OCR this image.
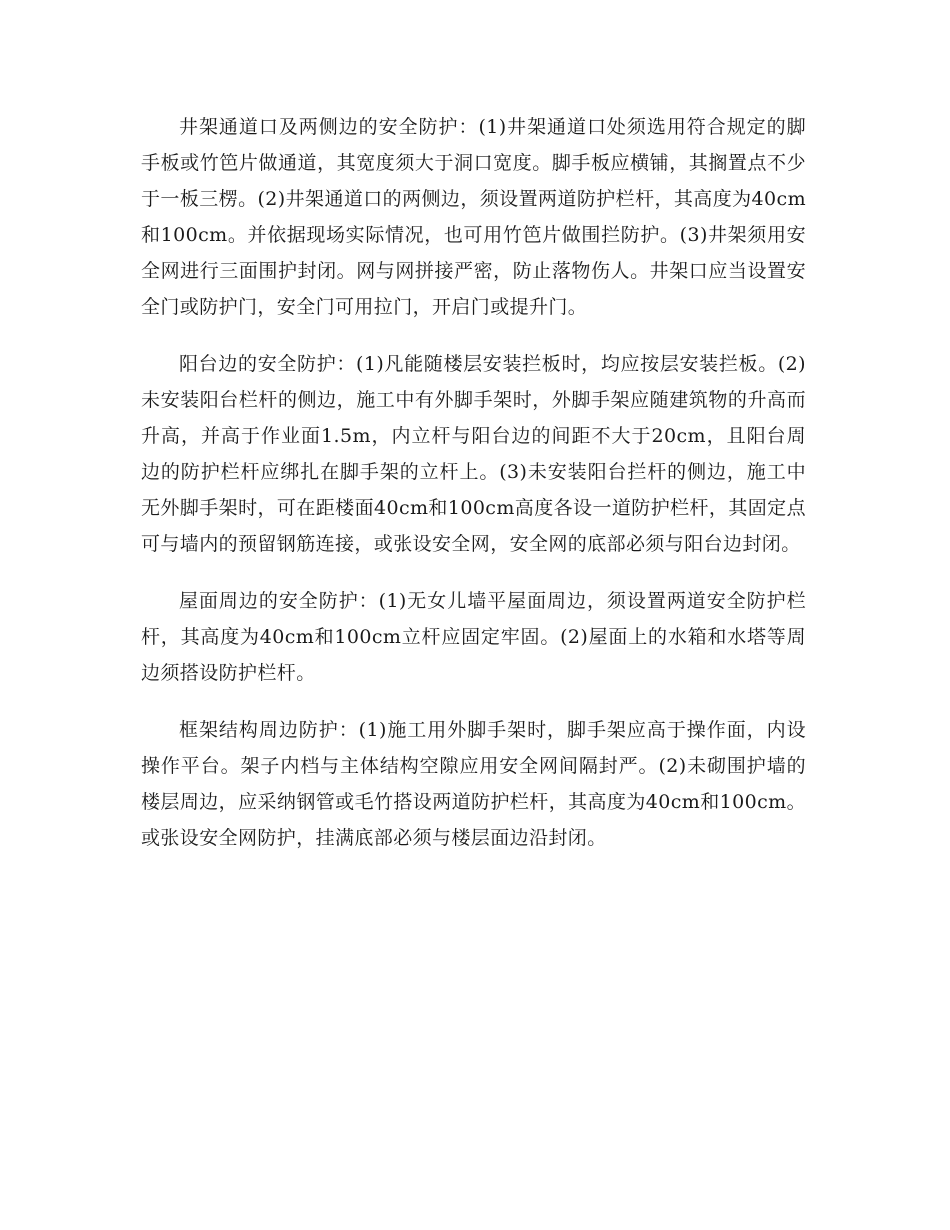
井架通道口及两侧边的安全防护：(1)井架通道口处须选用符合规定的脚手板或竹笆片做通道，其宽度须大于洞口宽度。脚手板应横铺，其搁置点不少于一板三楞。(2)井架通道口的两侧边，须设置两道防护栏杆，其高度为40cm和100cm。并依据现场实际情况，也可用竹笆片做围拦防护。(3)井架须用安全网进行三面围护封闭。网与网拼接严密，防止落物伤人。井架口应当设置安全门或防护门，安全门可用拉门，开启门或提升门。

阳台边的安全防护：(1)凡能随楼层安装拦板时，均应按层安装拦板。(2)未安装阳台栏杆的侧边，施工中有外脚手架时，外脚手架应随建筑物的升高而升高，并高于作业面1.5m，内立杆与阳台边的间距不大于20cm，且阳台周边的防护栏杆应绑扎在脚手架的立杆上。(3)未安装阳台拦杆的侧边，施工中无外脚手架时，可在距楼面40cm和100cm高度各设一道防护栏杆，其固定点可与墙内的预留钢筋连接，或张设安全网，安全网的底部必须与阳台边封闭。

屋面周边的安全防护：(1)无女儿墙平屋面周边，须设置两道安全防护栏杆，其高度为40cm和100cm立杆应固定牢固。(2)屋面上的水箱和水塔等周边须搭设防护栏杆。

框架结构周边防护：(1)施工用外脚手架时，脚手架应高于操作面，内设操作平台。架子内档与主体结构空隙应用安全网间隔封严。(2)未砌围护墙的楼层周边，应采纳钢管或毛竹搭设两道防护栏杆，其高度为40cm和100cm。或张设安全网防护，挂满底部必须与楼层面边沿封闭。
